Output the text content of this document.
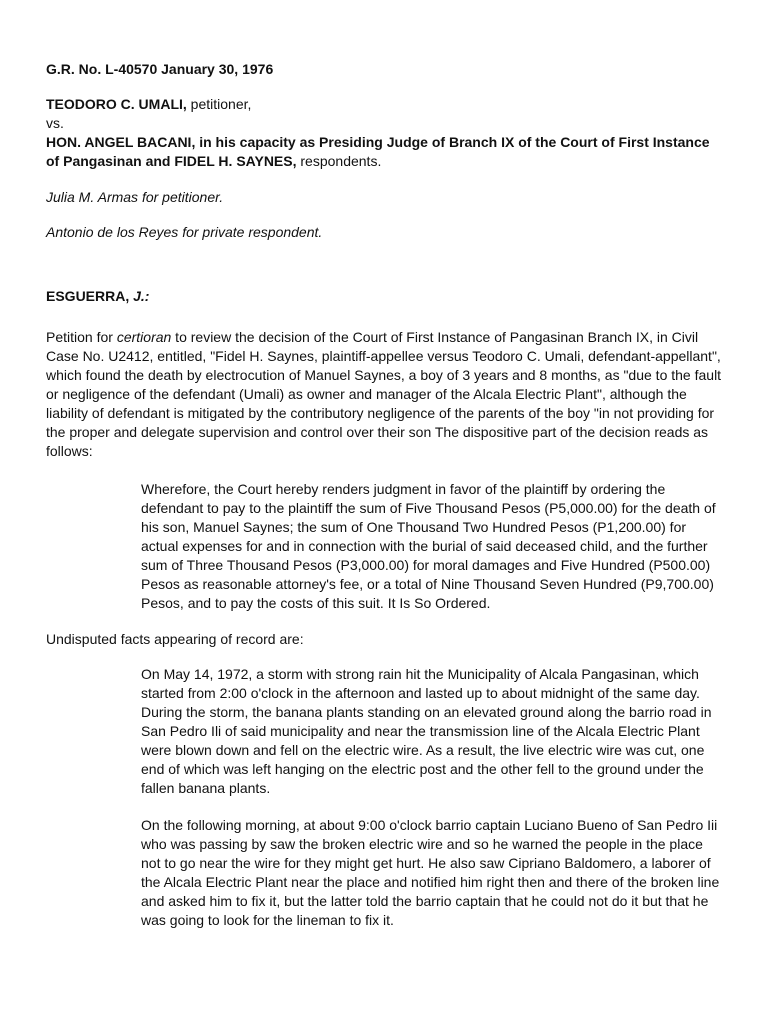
G.R. No. L-40570 January 30, 1976

TEODORO C. UMALI, petitioner,

vs.

HON. ANGEL BACANI, in his capacity as Presiding Judge of Branch IX of the Court of First Instance of Pangasinan and FIDEL H. SAYNES, respondents.

Julia M. Armas for petitioner.

Antonio de los Reyes for private respondent.

ESGUERRA, J.:

Petition for certioran to review the decision of the Court of First Instance of Pangasinan Branch IX, in Civil Case No. U2412, entitled, "Fidel H. Saynes, plaintiff-appellee versus Teodoro C. Umali, defendant-appellant", which found the death by electrocution of Manuel Saynes, a boy of 3 years and 8 months, as "due to the fault or negligence of the defendant (Umali) as owner and manager of the Alcala Electric Plant", although the liability of defendant is mitigated by the contributory negligence of the parents of the boy "in not providing for the proper and delegate supervision and control over their son The dispositive part of the decision reads as follows:

Wherefore, the Court hereby renders judgment in favor of the plaintiff by ordering the defendant to pay to the plaintiff the sum of Five Thousand Pesos (P5,000.00) for the death of his son, Manuel Saynes; the sum of One Thousand Two Hundred Pesos (P1,200.00) for actual expenses for and in connection with the burial of said deceased child, and the further sum of Three Thousand Pesos (P3,000.00) for moral damages and Five Hundred (P500.00) Pesos as reasonable attorney's fee, or a total of Nine Thousand Seven Hundred (P9,700.00) Pesos, and to pay the costs of this suit. It Is So Ordered.

Undisputed facts appearing of record are:

On May 14, 1972, a storm with strong rain hit the Municipality of Alcala Pangasinan, which started from 2:00 o'clock in the afternoon and lasted up to about midnight of the same day. During the storm, the banana plants standing on an elevated ground along the barrio road in San Pedro Ili of said municipality and near the transmission line of the Alcala Electric Plant were blown down and fell on the electric wire. As a result, the live electric wire was cut, one end of which was left hanging on the electric post and the other fell to the ground under the fallen banana plants.

On the following morning, at about 9:00 o'clock barrio captain Luciano Bueno of San Pedro Iii who was passing by saw the broken electric wire and so he warned the people in the place not to go near the wire for they might get hurt. He also saw Cipriano Baldomero, a laborer of the Alcala Electric Plant near the place and notified him right then and there of the broken line and asked him to fix it, but the latter told the barrio captain that he could not do it but that he was going to look for the lineman to fix it.
